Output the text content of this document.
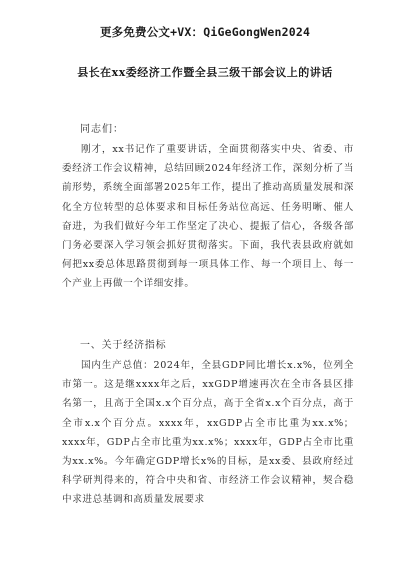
更多免费公文+VX：QiGeGongWen2024
县长在xx委经济工作暨全县三级干部会议上的讲话
同志们：
刚才，xx书记作了重要讲话，全面贯彻落实中央、省委、市委经济工作会议精神，总结回顾2024年经济工作，深刻分析了当前形势，系统全面部署2025年工作，提出了推动高质量发展和深化全方位转型的总体要求和目标任务站位高远、任务明晰、催人奋进，为我们做好今年工作坚定了决心、提振了信心，各级各部门务必要深入学习领会抓好贯彻落实。下面，我代表县政府就如何把xx委总体思路贯彻到每一项具体工作、每一个项目上、每一个产业上再做一个详细安排。
一、关于经济指标
国内生产总值：2024年，全县GDP同比增长x.x%，位列全市第一。这是继xxxx年之后，xxGDP增速再次在全市各县区排名第一，且高于全国x.x个百分点，高于全省x.x个百分点，高于全市x.x个百分点。xxxx年，xxGDP占全市比重为xx.x%；xxxx年，GDP占全市比重为xx.x%；xxxx年，GDP占全市比重为xx.x%。今年确定GDP增长x%的目标，是xx委、县政府经过科学研判得来的，符合中央和省、市经济工作会议精神，契合稳中求进总基调和高质量发展要求
